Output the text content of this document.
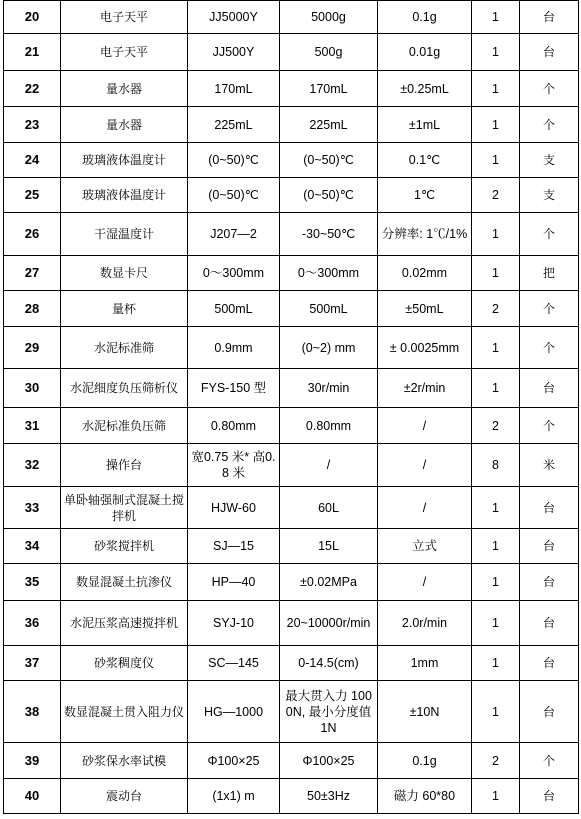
20	电子天平	JJ5000Y	5000g	0.1g	1	台
21	电子天平	JJ500Y	500g	0.01g	1	台
22	量水器	170mL	170mL	±0.25mL	1	个
23	量水器	225mL	225mL	±1mL	1	个
24	玻璃液体温度计	(0~50)℃	(0~50)℃	0.1℃	1	支
25	玻璃液体温度计	(0~50)℃	(0~50)℃	1℃	2	支
26	干湿温度计	J207—2	-30~50℃	分辨率: 1℃/1%	1	个
27	数显卡尺	0～300mm	0～300mm	0.02mm	1	把
28	量杯	500mL	500mL	±50mL	2	个
29	水泥标准筛	0.9mm	(0~2) mm	± 0.0025mm	1	个
30	水泥细度负压筛析仪	FYS-150 型	30r/min	±2r/min	1	台
31	水泥标准负压筛	0.80mm	0.80mm	/	2	个
32	操作台	宽0.75 米* 高0.8 米	/	/	8	米
33	单卧轴强制式混凝土搅拌机	HJW-60	60L	/	1	台
34	砂浆搅拌机	SJ—15	15L	立式	1	台
35	数显混凝土抗渗仪	HP—40	±0.02MPa	/	1	台
36	水泥压浆高速搅拌机	SYJ-10	20~10000r/min	2.0r/min	1	台
37	砂浆稠度仪	SC—145	0-14.5(cm)	1mm	1	台
38	数显混凝土贯入阻力仪	HG—1000	最大贯入力 1000N, 最小分度值 1N	±10N	1	台
39	砂浆保水率试模	Φ100×25	Φ100×25	0.1g	2	个
40	震动台	(1x1) m	50±3Hz	磁力 60*80	1	台
